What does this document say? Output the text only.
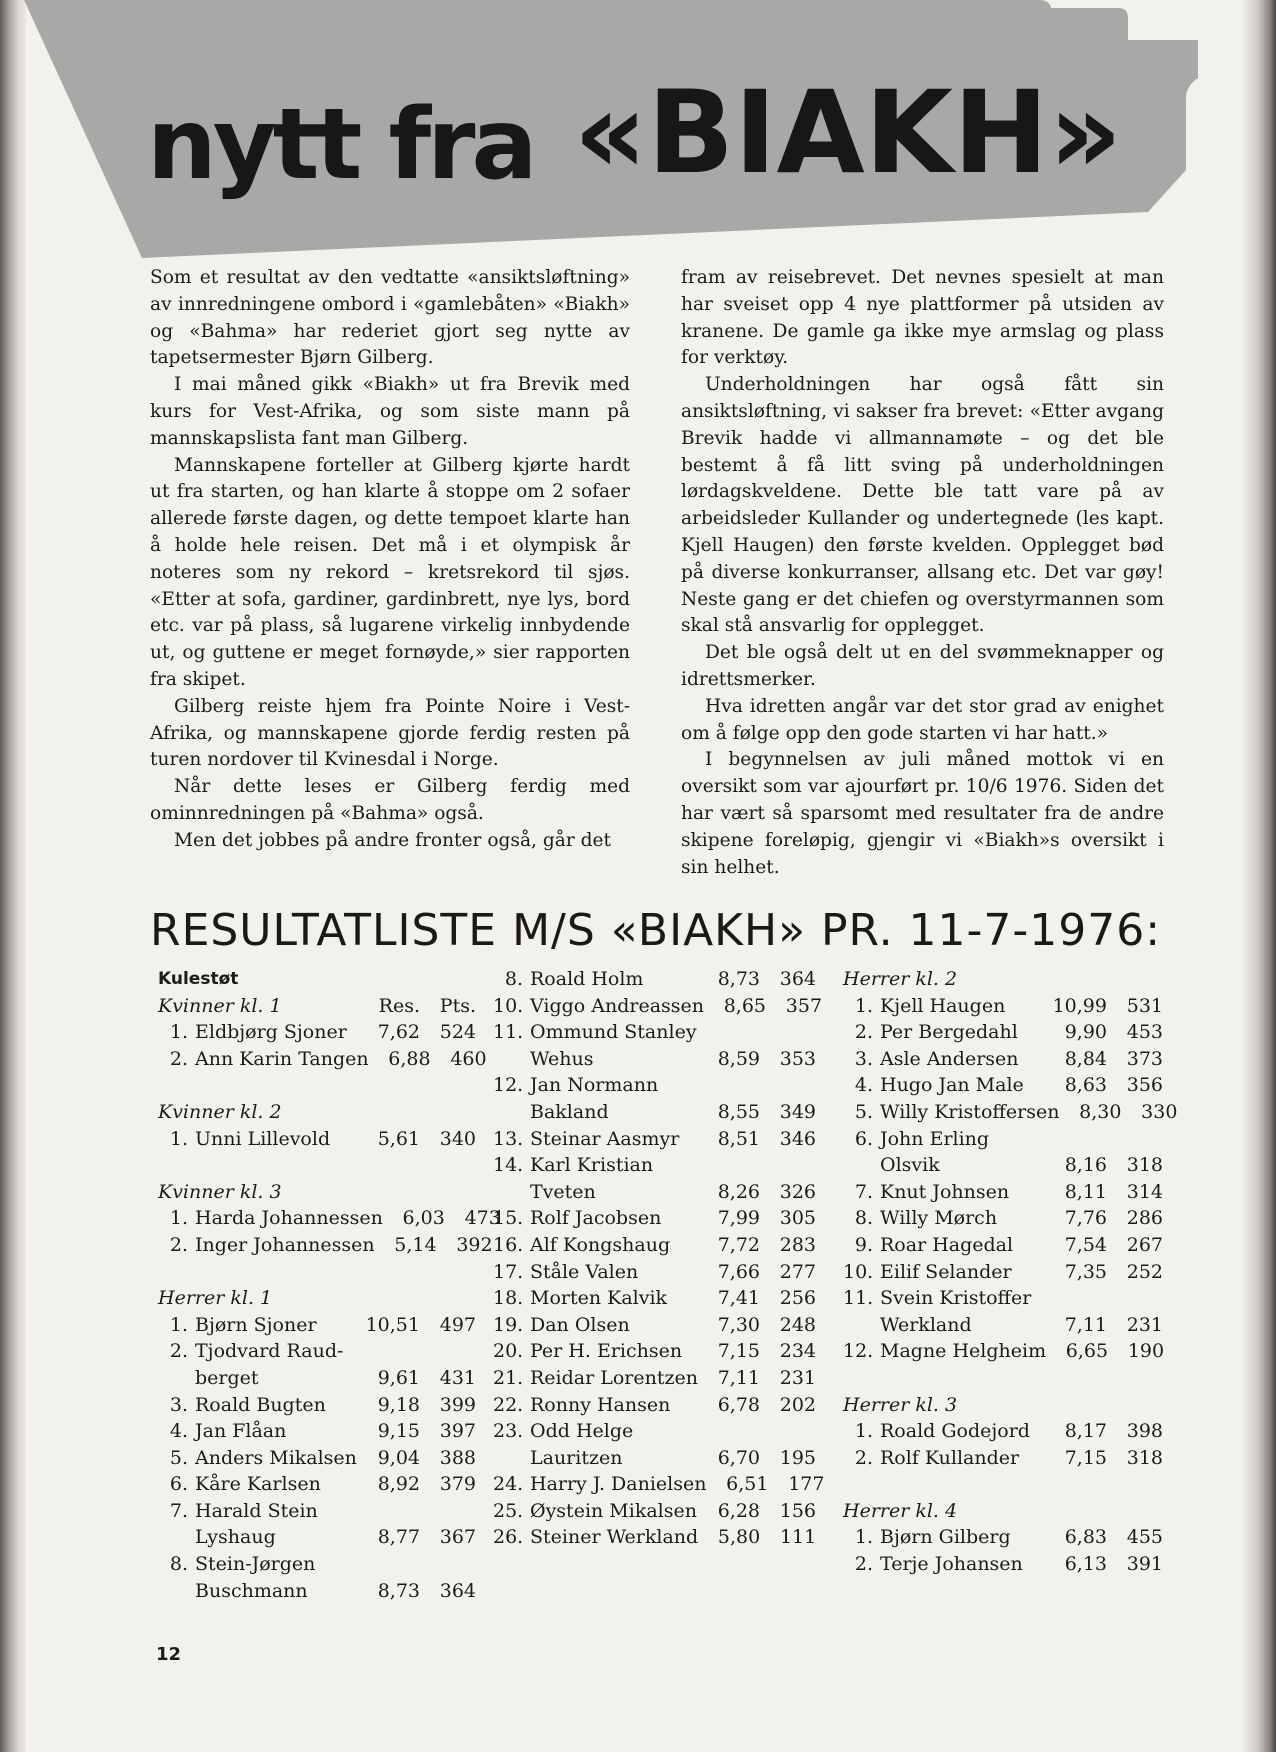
nytt fra «BIAKH»

Som et resultat av den vedtatte «ansiktsløftning» av innredningene ombord i «gamlebåten» «Biakh» og «Bahma» har rederiet gjort seg nytte av tapetsermester Bjørn Gilberg.

I mai måned gikk «Biakh» ut fra Brevik med kurs for Vest-Afrika, og som siste mann på mannskapslista fant man Gilberg.

Mannskapene forteller at Gilberg kjørte hardt ut fra starten, og han klarte å stoppe om 2 sofaer allerede første dagen, og dette tempoet klarte han å holde hele reisen. Det må i et olympisk år noteres som ny rekord – kretsrekord til sjøs. «Etter at sofa, gardiner, gardinbrett, nye lys, bord etc. var på plass, så lugarene virkelig innbydende ut, og guttene er meget fornøyde,» sier rapporten fra skipet.

Gilberg reiste hjem fra Pointe Noire i Vest-Afrika, og mannskapene gjorde ferdig resten på turen nordover til Kvinesdal i Norge.

Når dette leses er Gilberg ferdig med ominnredningen på «Bahma» også.

Men det jobbes på andre fronter også, går det

fram av reisebrevet. Det nevnes spesielt at man har sveiset opp 4 nye plattformer på utsiden av kranene. De gamle ga ikke mye armslag og plass for verktøy.

Underholdningen har også fått sin ansiktsløftning, vi sakser fra brevet: «Etter avgang Brevik hadde vi allmannamøte – og det ble bestemt å få litt sving på underholdningen lørdagskveldene. Dette ble tatt vare på av arbeidsleder Kullander og undertegnede (les kapt. Kjell Haugen) den første kvelden. Opplegget bød på diverse konkurranser, allsang etc. Det var gøy! Neste gang er det chiefen og overstyrmannen som skal stå ansvarlig for opplegget.

Det ble også delt ut en del svømmeknapper og idrettsmerker.

Hva idretten angår var det stor grad av enighet om å følge opp den gode starten vi har hatt.»

I begynnelsen av juli måned mottok vi en oversikt som var ajourført pr. 10/6 1976. Siden det har vært så sparsomt med resultater fra de andre skipene foreløpig, gjengir vi «Biakh»s oversikt i sin helhet.

RESULTATLISTE M/S «BIAKH» PR. 11-7-1976:
Kulestøt
Kvinner kl. 1	Res.	Pts.
1. Eldbjørg Sjoner	7,62	524
2. Ann Karin Tangen	6,88	460
Kvinner kl. 2
1. Unni Lillevold	5,61	340
Kvinner kl. 3
1. Harda Johannessen	6,03	473
2. Inger Johannessen	5,14	392
Herrer kl. 1
1. Bjørn Sjoner	10,51	497
2. Tjodvard Raud-
berget	9,61	431
3. Roald Bugten	9,18	399
4. Jan Flåan	9,15	397
5. Anders Mikalsen	9,04	388
6. Kåre Karlsen	8,92	379
7. Harald Stein
Lyshaug	8,77	367
8. Stein-Jørgen
Buschmann	8,73	364
8. Roald Holm	8,73	364
10. Viggo Andreassen	8,65	357
11. Ommund Stanley
Wehus	8,59	353
12. Jan Normann
Bakland	8,55	349
13. Steinar Aasmyr	8,51	346
14. Karl Kristian
Tveten	8,26	326
15. Rolf Jacobsen	7,99	305
16. Alf Kongshaug	7,72	283
17. Ståle Valen	7,66	277
18. Morten Kalvik	7,41	256
19. Dan Olsen	7,30	248
20. Per H. Erichsen	7,15	234
21. Reidar Lorentzen	7,11	231
22. Ronny Hansen	6,78	202
23. Odd Helge
Lauritzen	6,70	195
24. Harry J. Danielsen	6,51	177
25. Øystein Mikalsen	6,28	156
26. Steiner Werkland	5,80	111
Herrer kl. 2
1. Kjell Haugen	10,99	531
2. Per Bergedahl	9,90	453
3. Asle Andersen	8,84	373
4. Hugo Jan Male	8,63	356
5. Willy Kristoffersen	8,30	330
6. John Erling
Olsvik	8,16	318
7. Knut Johnsen	8,11	314
8. Willy Mørch	7,76	286
9. Roar Hagedal	7,54	267
10. Eilif Selander	7,35	252
11. Svein Kristoffer
Werkland	7,11	231
12. Magne Helgheim	6,65	190
Herrer kl. 3
1. Roald Godejord	8,17	398
2. Rolf Kullander	7,15	318
Herrer kl. 4
1. Bjørn Gilberg	6,83	455
2. Terje Johansen	6,13	391
12
